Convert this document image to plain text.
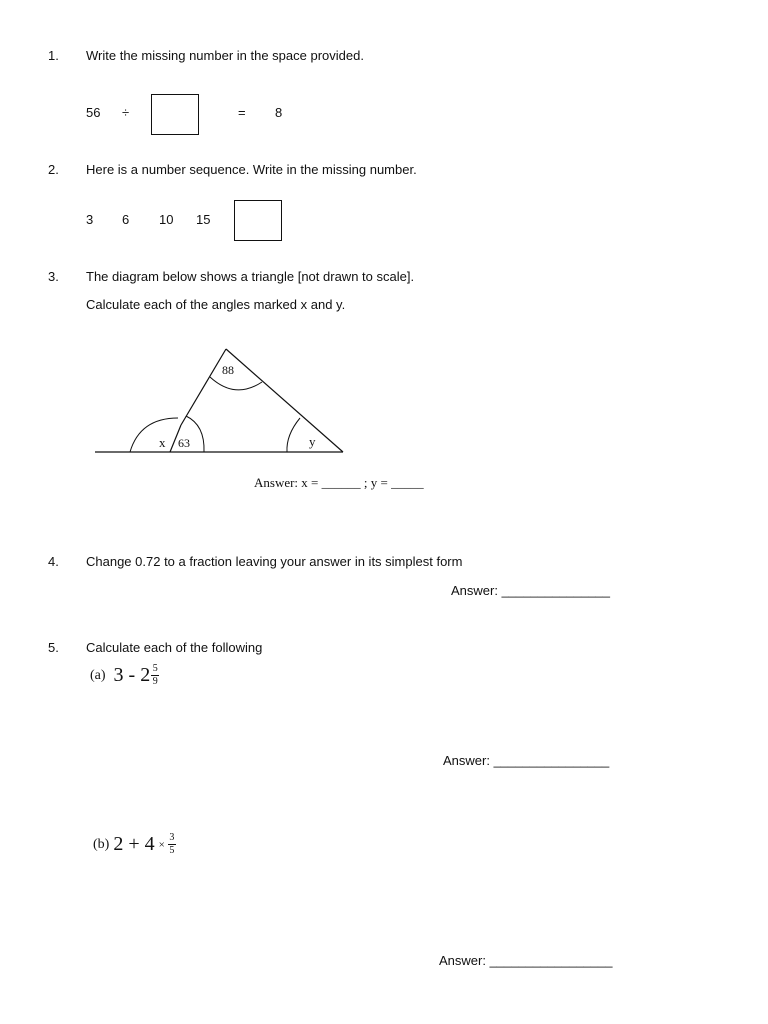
1. Write the missing number in the space provided.
56 ÷	= 8
2. Here is a number sequence. Write in the missing number.
3 6 10 15
3. The diagram below shows a triangle [not drawn to scale].
Calculate each of the angles marked x and y.
88
x 63	y
Answer: x = ______ ; y = _____
4. Change 0.72 to a fraction leaving your answer in its simplest form
Answer: _______________
5. Calculate each of the following
(a) $3 - 2 \frac{5}{9}$
Answer: ________________
(b) $2 + 4 \times \frac{3}{5}$
Answer: _________________
